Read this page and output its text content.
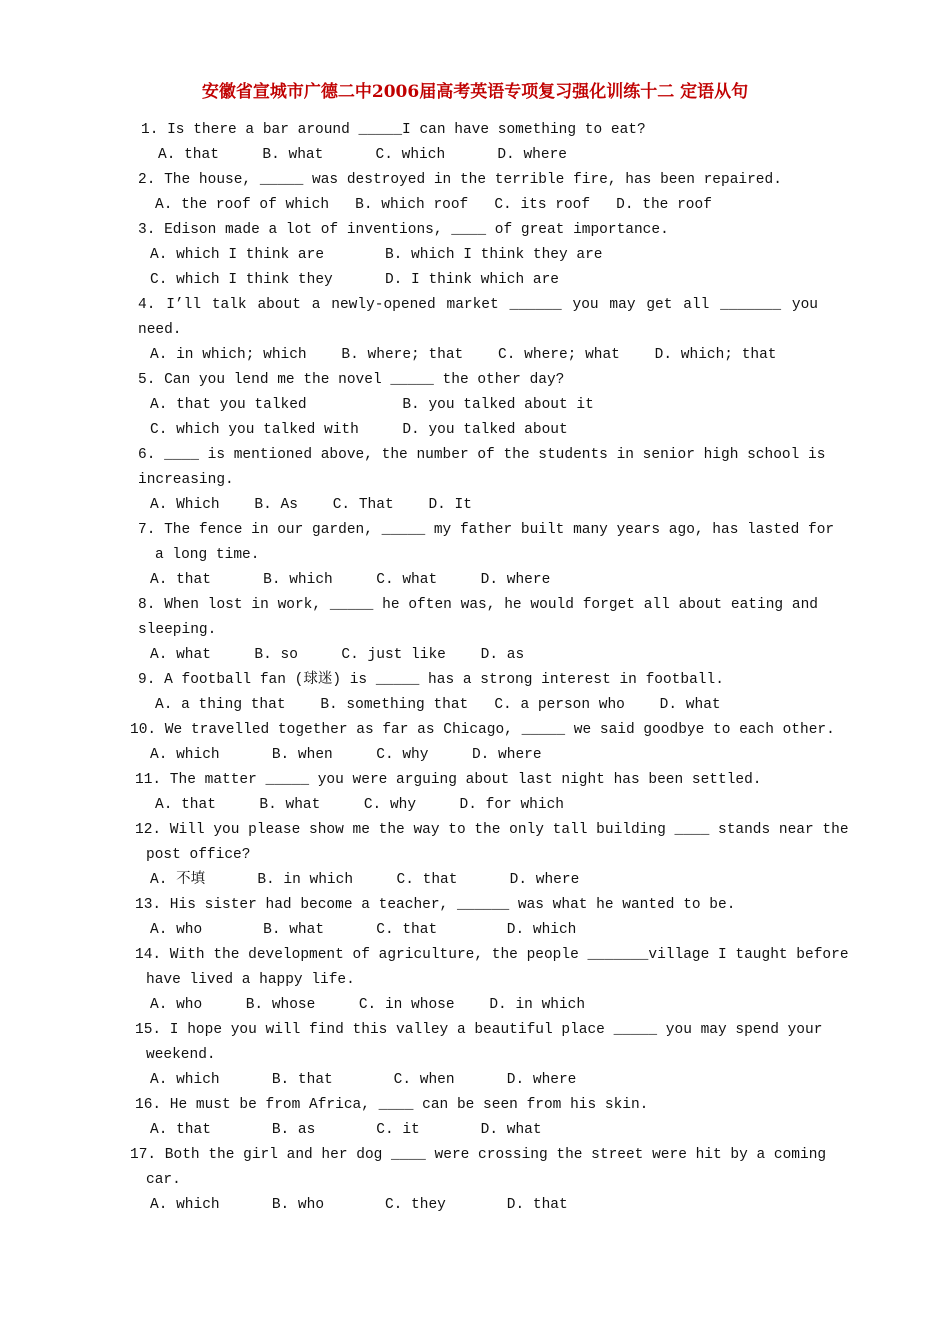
安徽省宣城市广德二中2006届高考英语专项复习强化训练十二 定语从句
1. Is there a bar around _____I can have something to eat?
A. that     B. what      C. which      D. where
2. The house, _____ was destroyed in the terrible fire, has been repaired.
A. the roof of which   B. which roof   C. its roof   D. the roof
3. Edison made a lot of inventions, ____ of great importance.
A. which I think are       B. which I think they are
C. which I think they      D. I think which are
4. I’ll talk about a newly-opened market ______ you may get all _______ you
need.
A. in which; which    B. where; that    C. where; what    D. which; that
5. Can you lend me the novel _____ the other day?
A. that you talked           B. you talked about it
C. which you talked with     D. you talked about
6. ____ is mentioned above, the number of the students in senior high school is
increasing.
A. Which    B. As    C. That    D. It
7. The fence in our garden, _____ my father built many years ago, has lasted for
a long time.
A. that      B. which     C. what     D. where
8. When lost in work, _____ he often was, he would forget all about eating and
sleeping.
A. what     B. so     C. just like    D. as
9. A football fan (球迷) is _____ has a strong interest in football.
A. a thing that    B. something that   C. a person who    D. what
10. We travelled together as far as Chicago, _____ we said goodbye to each other.
A. which      B. when     C. why     D. where
11. The matter _____ you were arguing about last night has been settled.
A. that     B. what     C. why     D. for which
12. Will you please show me the way to the only tall building ____ stands near the
post office?
A. 不填      B. in which     C. that      D. where
13. His sister had become a teacher, ______ was what he wanted to be.
A. who       B. what      C. that        D. which
14. With the development of agriculture, the people _______village I taught before
have lived a happy life.
A. who     B. whose     C. in whose    D. in which
15. I hope you will find this valley a beautiful place _____ you may spend your
weekend.
A. which      B. that       C. when      D. where
16. He must be from Africa, ____ can be seen from his skin.
A. that       B. as       C. it       D. what
17. Both the girl and her dog ____ were crossing the street were hit by a coming
car.
A. which      B. who       C. they       D. that
